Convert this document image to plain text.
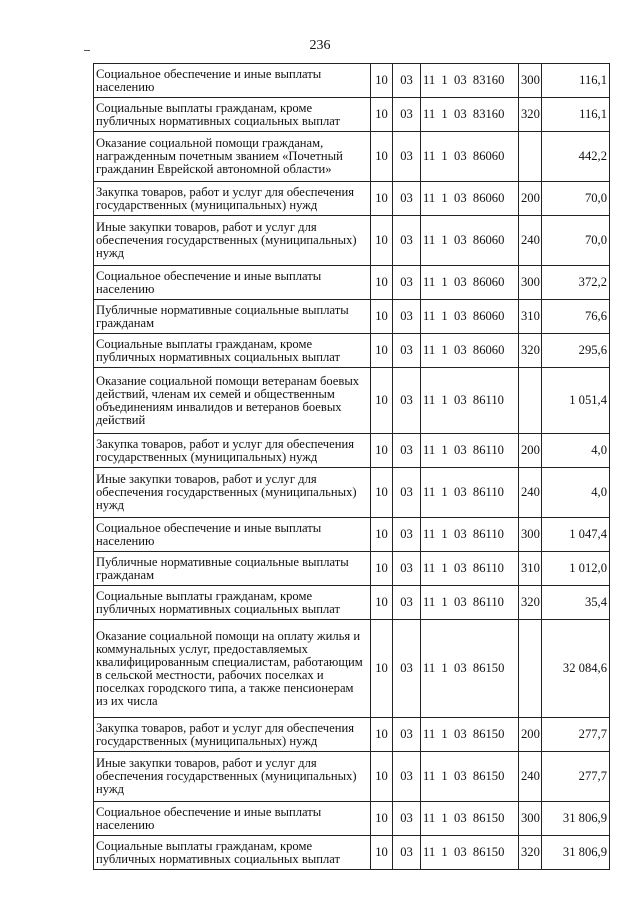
236
Социальное обеспечение и иные выплаты населению	10	03	11  1  03  83160	300	116,1
Социальные выплаты гражданам, кроме публичных нормативных социальных выплат	10	03	11  1  03  83160	320	116,1
Оказание социальной помощи гражданам, награжденным почетным званием «Почетный гражданин Еврейской автономной области»	10	03	11  1  03  86060		442,2
Закупка товаров, работ и услуг для обеспечения государственных (муниципальных) нужд	10	03	11  1  03  86060	200	70,0
Иные закупки товаров, работ и услуг для обеспечения государственных (муниципальных) нужд	10	03	11  1  03  86060	240	70,0
Социальное обеспечение и иные выплаты населению	10	03	11  1  03  86060	300	372,2
Публичные нормативные социальные выплаты гражданам	10	03	11  1  03  86060	310	76,6
Социальные выплаты гражданам, кроме публичных нормативных социальных выплат	10	03	11  1  03  86060	320	295,6
Оказание социальной помощи ветеранам боевых действий, членам их семей и общественным объединениям инвалидов и ветеранов боевых действий	10	03	11  1  03  86110		1 051,4
Закупка товаров, работ и услуг для обеспечения государственных (муниципальных) нужд	10	03	11  1  03  86110	200	4,0
Иные закупки товаров, работ и услуг для обеспечения государственных (муниципальных) нужд	10	03	11  1  03  86110	240	4,0
Социальное обеспечение и иные выплаты населению	10	03	11  1  03  86110	300	1 047,4
Публичные нормативные социальные выплаты гражданам	10	03	11  1  03  86110	310	1 012,0
Социальные выплаты гражданам, кроме публичных нормативных социальных выплат	10	03	11  1  03  86110	320	35,4
Оказание социальной помощи на оплату жилья и коммунальных услуг, предоставляемых квалифицированным специалистам, работающим в сельской местности, рабочих поселках и поселках городского типа, а также пенсионерам из их числа	10	03	11  1  03  86150		32 084,6
Закупка товаров, работ и услуг для обеспечения государственных (муниципальных) нужд	10	03	11  1  03  86150	200	277,7
Иные закупки товаров, работ и услуг для обеспечения государственных (муниципальных) нужд	10	03	11  1  03  86150	240	277,7
Социальное обеспечение и иные выплаты населению	10	03	11  1  03  86150	300	31 806,9
Социальные выплаты гражданам, кроме публичных нормативных социальных выплат	10	03	11  1  03  86150	320	31 806,9
